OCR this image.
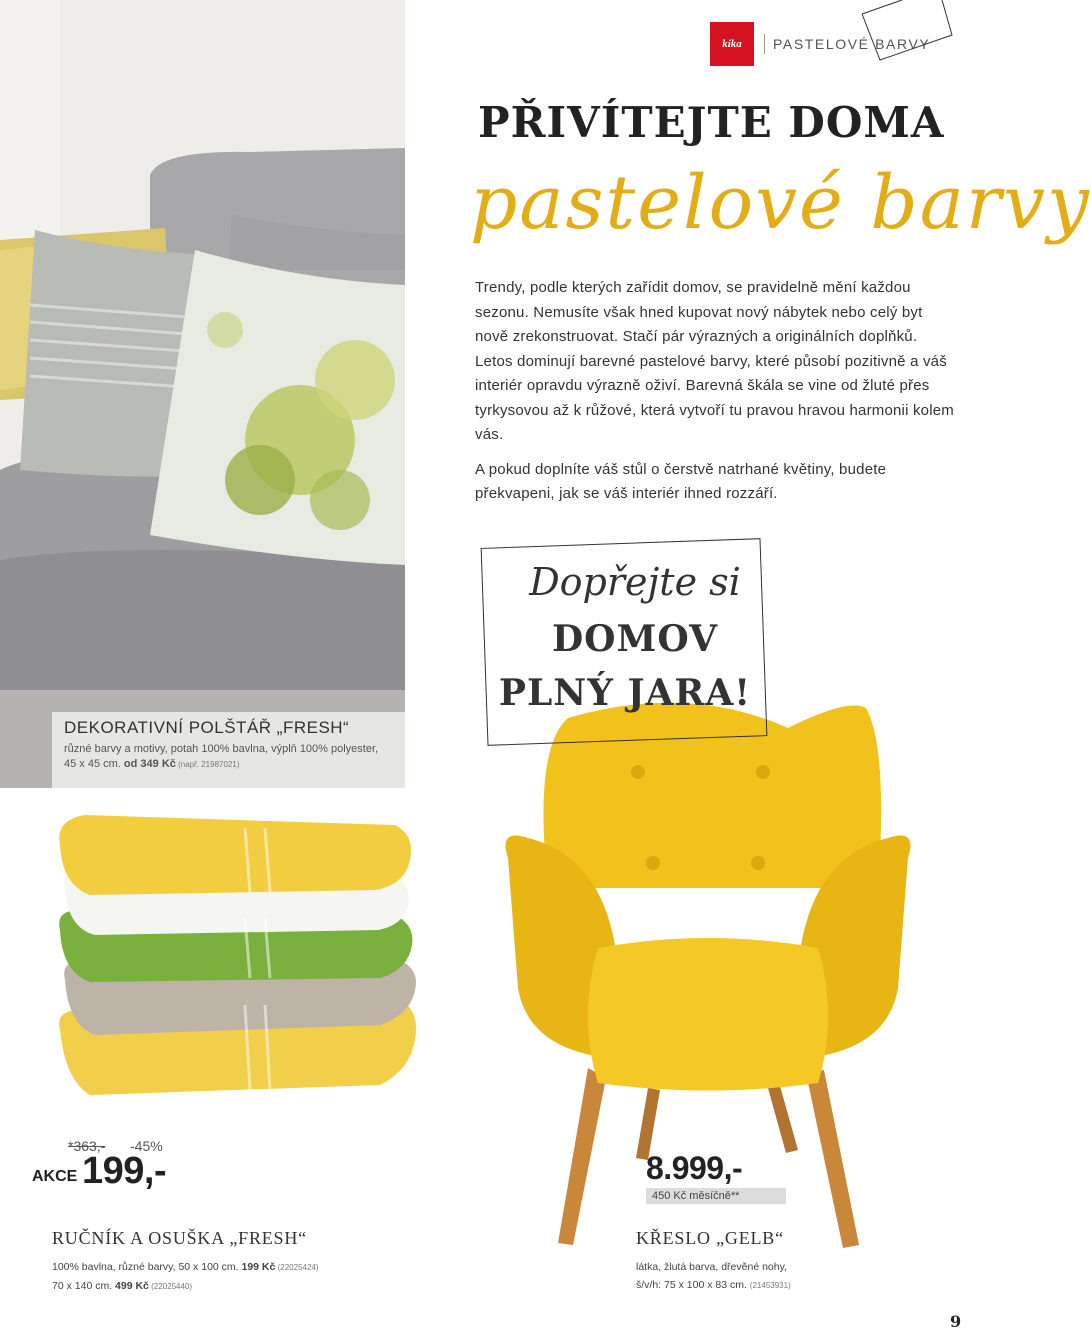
DEKORATIVNÍ POLŠTÁŘ „FRESH“
různé barvy a motivy, potah 100% bavlna, výplň 100% polyester,
45 x 45 cm. od 349 Kč (např. 21987021)
kika	PASTELOVÉ BARVY
PŘIVÍTEJTE DOMA
pastelové barvy

Trendy, podle kterých zařídit domov, se pravidelně mění každou sezonu. Nemusíte však hned kupovat nový nábytek nebo celý byt nově zrekonstruovat. Stačí pár výrazných a originálních doplňků. Letos dominují barevné pastelové barvy, které působí pozitivně a váš interiér opravdu výrazně oživí. Barevná škála se vine od žluté přes tyrkysovou až k růžové, která vytvoří tu pravou hravou harmonii kolem vás.

A pokud doplníte váš stůl o čerstvě natrhané květiny, budete překvapeni, jak se váš interiér ihned rozzáří.

Dopřejte si
DOMOV
PLNÝ JARA!
*363,- -45%
AKCE 199,-
RUČNÍK A OSUŠKA „FRESH“
100% bavlna, různé barvy, 50 x 100 cm. 199 Kč (22025424)
70 x 140 cm. 499 Kč (22025440)
8.999,-
450 Kč měsíčně**
KŘESLO „GELB“
látka, žlutá barva, dřevěné nohy,
š/v/h: 75 x 100 x 83 cm. (21453931)
9
